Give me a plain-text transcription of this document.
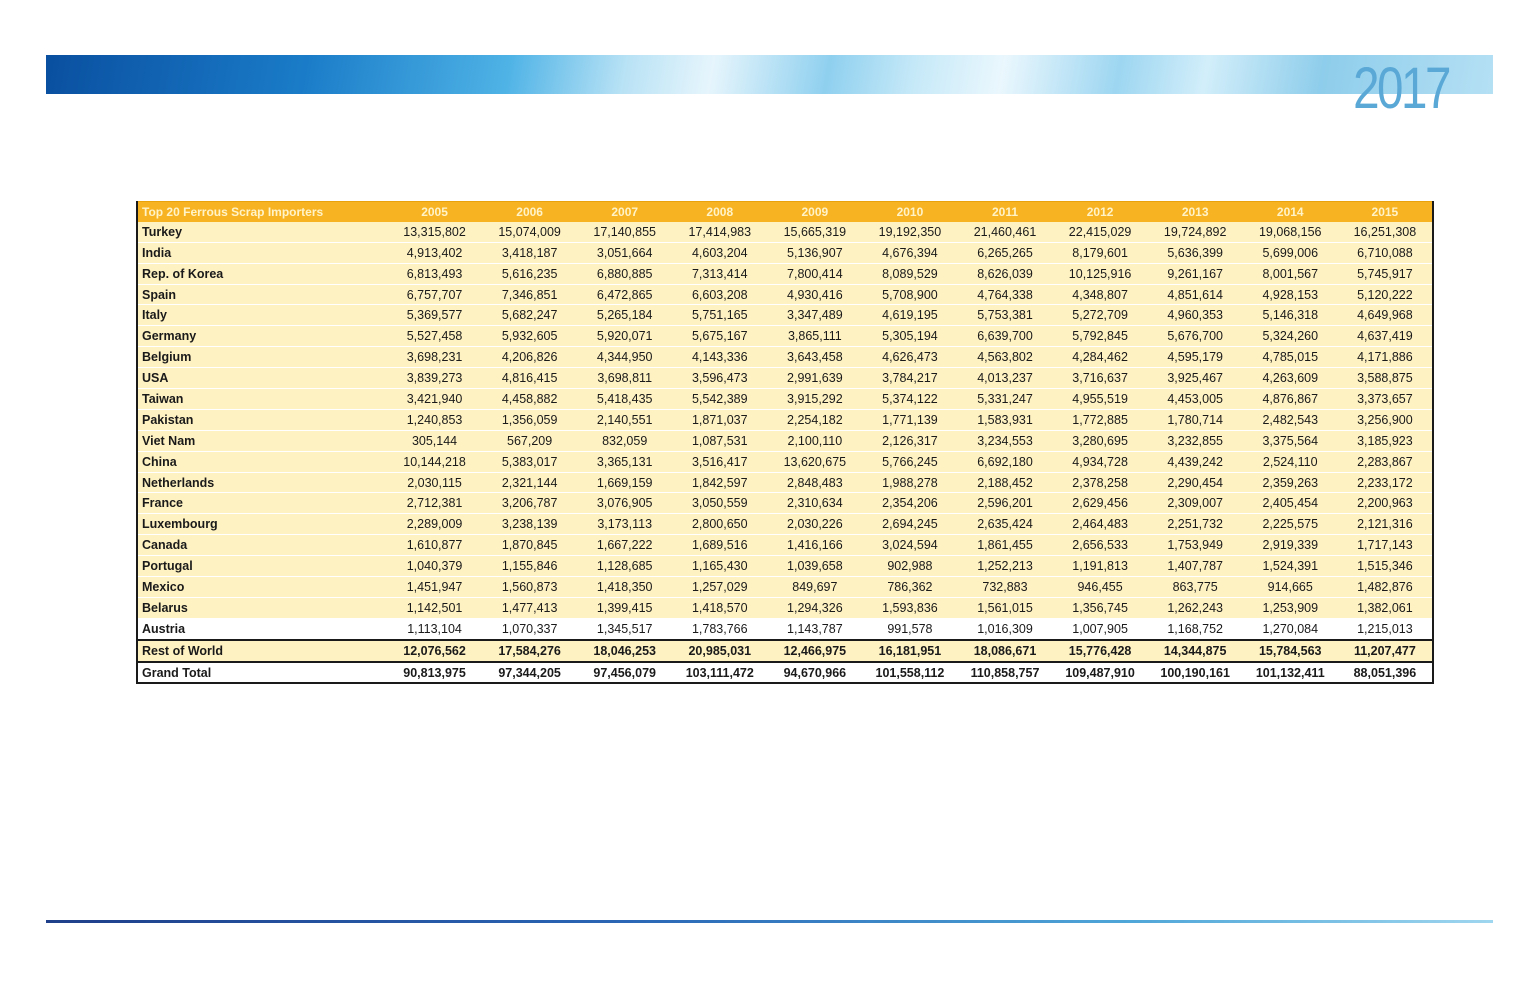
2017
Top 20 Ferrous Scrap Importers	2005	2006	2007	2008	2009	2010	2011	2012	2013	2014	2015
Turkey	13,315,802	15,074,009	17,140,855	17,414,983	15,665,319	19,192,350	21,460,461	22,415,029	19,724,892	19,068,156	16,251,308
India	4,913,402	3,418,187	3,051,664	4,603,204	5,136,907	4,676,394	6,265,265	8,179,601	5,636,399	5,699,006	6,710,088
Rep. of Korea	6,813,493	5,616,235	6,880,885	7,313,414	7,800,414	8,089,529	8,626,039	10,125,916	9,261,167	8,001,567	5,745,917
Spain	6,757,707	7,346,851	6,472,865	6,603,208	4,930,416	5,708,900	4,764,338	4,348,807	4,851,614	4,928,153	5,120,222
Italy	5,369,577	5,682,247	5,265,184	5,751,165	3,347,489	4,619,195	5,753,381	5,272,709	4,960,353	5,146,318	4,649,968
Germany	5,527,458	5,932,605	5,920,071	5,675,167	3,865,111	5,305,194	6,639,700	5,792,845	5,676,700	5,324,260	4,637,419
Belgium	3,698,231	4,206,826	4,344,950	4,143,336	3,643,458	4,626,473	4,563,802	4,284,462	4,595,179	4,785,015	4,171,886
USA	3,839,273	4,816,415	3,698,811	3,596,473	2,991,639	3,784,217	4,013,237	3,716,637	3,925,467	4,263,609	3,588,875
Taiwan	3,421,940	4,458,882	5,418,435	5,542,389	3,915,292	5,374,122	5,331,247	4,955,519	4,453,005	4,876,867	3,373,657
Pakistan	1,240,853	1,356,059	2,140,551	1,871,037	2,254,182	1,771,139	1,583,931	1,772,885	1,780,714	2,482,543	3,256,900
Viet Nam	305,144	567,209	832,059	1,087,531	2,100,110	2,126,317	3,234,553	3,280,695	3,232,855	3,375,564	3,185,923
China	10,144,218	5,383,017	3,365,131	3,516,417	13,620,675	5,766,245	6,692,180	4,934,728	4,439,242	2,524,110	2,283,867
Netherlands	2,030,115	2,321,144	1,669,159	1,842,597	2,848,483	1,988,278	2,188,452	2,378,258	2,290,454	2,359,263	2,233,172
France	2,712,381	3,206,787	3,076,905	3,050,559	2,310,634	2,354,206	2,596,201	2,629,456	2,309,007	2,405,454	2,200,963
Luxembourg	2,289,009	3,238,139	3,173,113	2,800,650	2,030,226	2,694,245	2,635,424	2,464,483	2,251,732	2,225,575	2,121,316
Canada	1,610,877	1,870,845	1,667,222	1,689,516	1,416,166	3,024,594	1,861,455	2,656,533	1,753,949	2,919,339	1,717,143
Portugal	1,040,379	1,155,846	1,128,685	1,165,430	1,039,658	902,988	1,252,213	1,191,813	1,407,787	1,524,391	1,515,346
Mexico	1,451,947	1,560,873	1,418,350	1,257,029	849,697	786,362	732,883	946,455	863,775	914,665	1,482,876
Belarus	1,142,501	1,477,413	1,399,415	1,418,570	1,294,326	1,593,836	1,561,015	1,356,745	1,262,243	1,253,909	1,382,061
Austria	1,113,104	1,070,337	1,345,517	1,783,766	1,143,787	991,578	1,016,309	1,007,905	1,168,752	1,270,084	1,215,013
Rest of World	12,076,562	17,584,276	18,046,253	20,985,031	12,466,975	16,181,951	18,086,671	15,776,428	14,344,875	15,784,563	11,207,477
Grand Total	90,813,975	97,344,205	97,456,079	103,111,472	94,670,966	101,558,112	110,858,757	109,487,910	100,190,161	101,132,411	88,051,396
